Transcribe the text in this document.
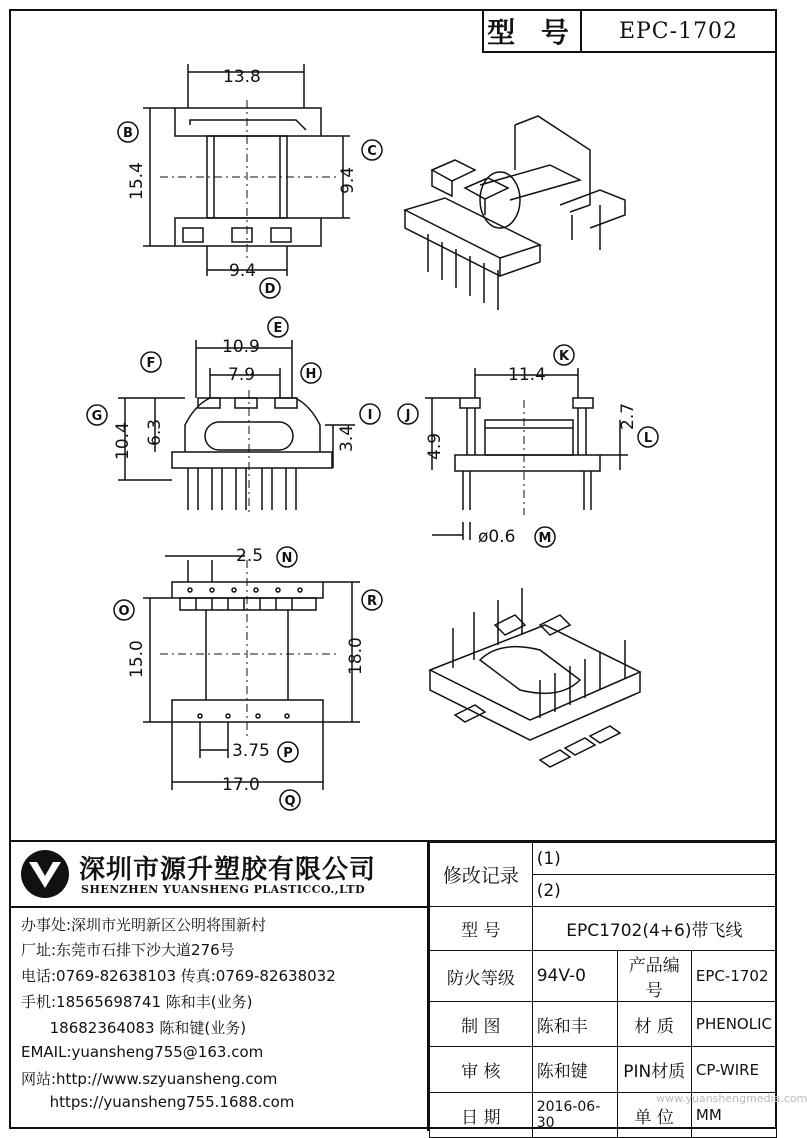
型 号	EPC-1702
13.8
9.4
15.4	9.4
B
C
D
10.9
7.9
10.4 6.3	3.4
E
F
G
H
I
11.4
4.9
2.7
ø0.6
K
J
L
M
2.5
15.0	18.0
3.75
17.0
N
O
R
P
Q
深圳市源升塑胶有限公司
SHENZHEN YUANSHENG PLASTICCO.,LTD
办事处:深圳市光明新区公明将围新村
厂址:东莞市石排下沙大道276号
电话:0769-82638103 传真:0769-82638032
手机:18565698741 陈和丰(业务)
18682364083 陈和键(业务)
EMAIL:yuansheng755@163.com
网站:http://www.szyuansheng.com
https://yuansheng755.1688.com
修改记录	(1)		
	(2)		
型 号	EPC1702(4+6)带飞线		
防火等级	94V-0	产品编号	EPC-1702
制 图	陈和丰	材 质	PHENOLIC
审 核	陈和键	PIN材质	CP-WIRE
日 期	2016-06-30	单 位	MM
www.yuanshengmedia.com
